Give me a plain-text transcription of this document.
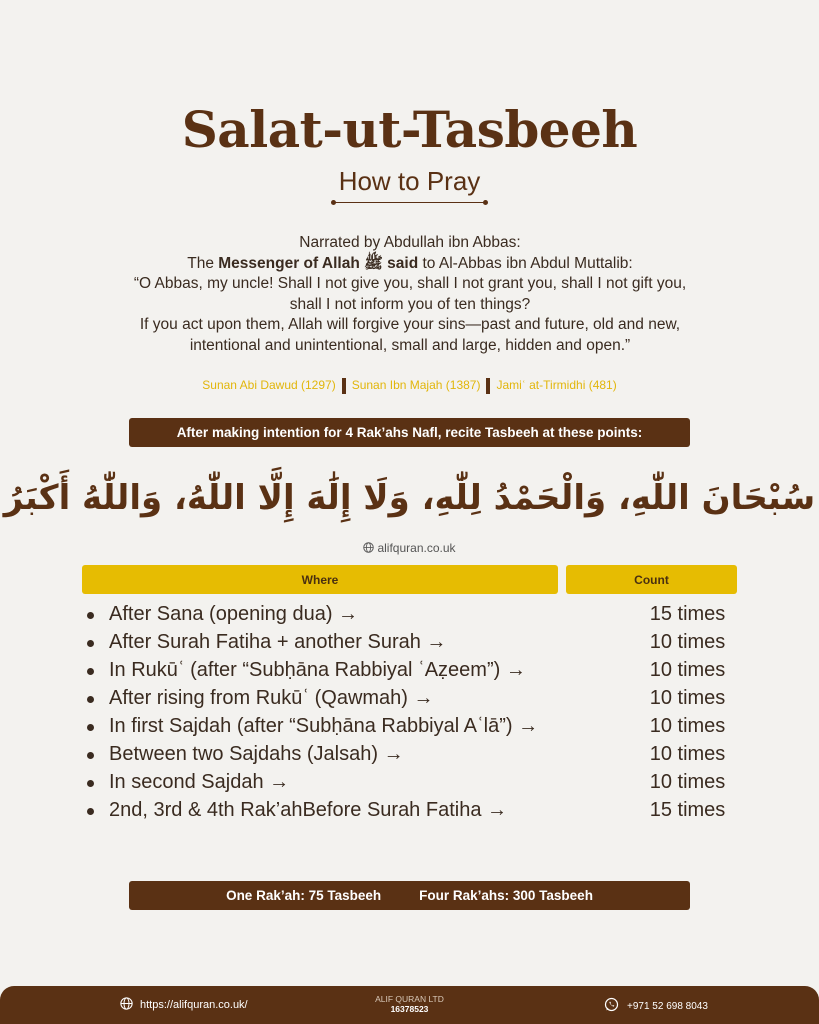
Salat-ut-Tasbeeh
How to Pray
Narrated by Abdullah ibn Abbas:
The Messenger of Allah ﷺ said to Al-Abbas ibn Abdul Muttalib:
“O Abbas, my uncle! Shall I not give you, shall I not grant you, shall I not gift you,
shall I not inform you of ten things?
If you act upon them, Allah will forgive your sins—past and future, old and new,
intentional and unintentional, small and large, hidden and open.”
Sunan Abi Dawud (1297) Sunan Ibn Majah (1387) Jamiʿ at-Tirmidhi (481)
After making intention for 4 Rak’ahs Nafl, recite Tasbeeh at these points:
سُبْحَانَ اللّٰهِ، وَالْحَمْدُ لِلّٰهِ، وَلَا إِلَٰهَ إِلَّا اللّٰهُ، وَاللّٰهُ أَكْبَرُ
alifquran.co.uk
Where	Count
After Sana (opening dua) →	15 times
After Surah Fatiha + another Surah →	10 times
In Rukūʿ (after “Subḥāna Rabbiyal ʿAẓeem”) →	10 times
After rising from Rukūʿ (Qawmah) →	10 times
In first Sajdah (after “Subḥāna Rabbiyal Aʿlā”) →	10 times
Between two Sajdahs (Jalsah) →	10 times
In second Sajdah →	10 times
2nd, 3rd & 4th Rak’ahBefore Surah Fatiha →	15 times
One Rak’ah: 75 Tasbeeh	Four Rak’ahs: 300 Tasbeeh
https://alifquran.co.uk/	ALIF QURAN LTD
16378523	+971 52 698 8043
